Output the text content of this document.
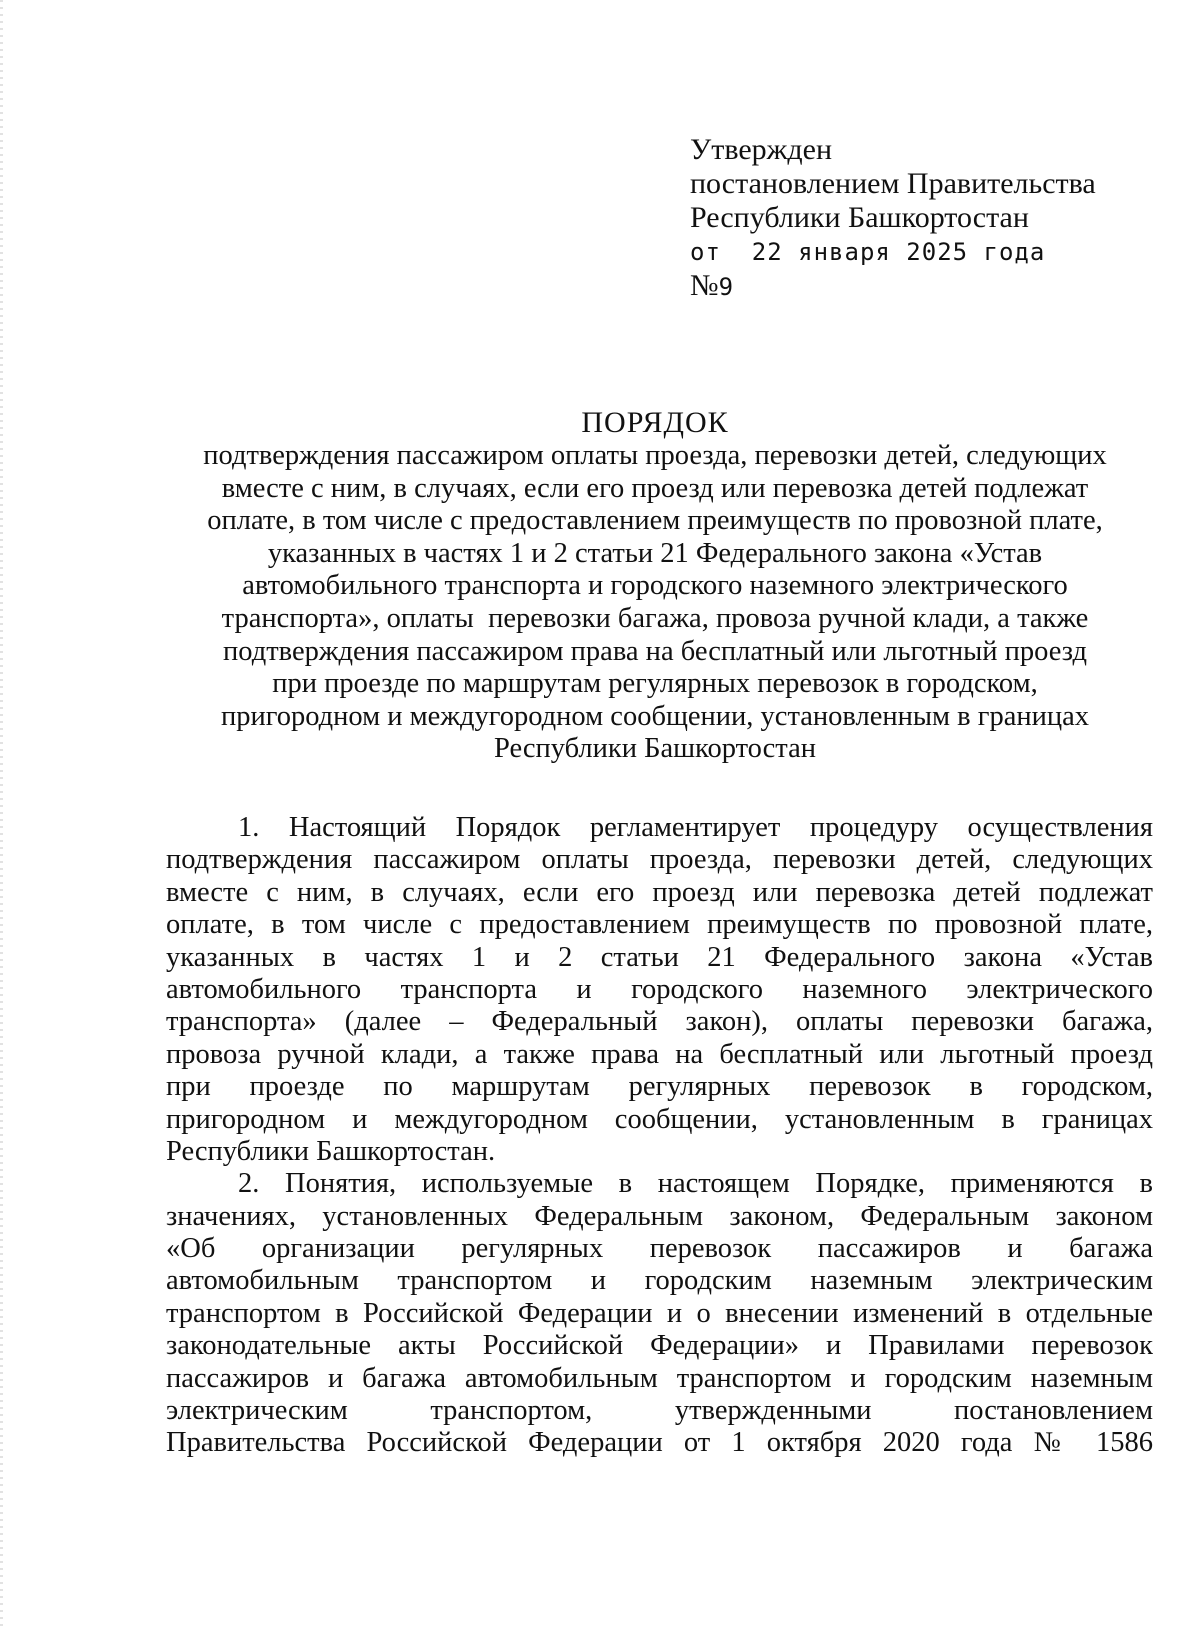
Утвержден
постановлением Правительства
Республики Башкортостан
от  22 января 2025 года
№9
ПОРЯДОК
подтверждения пассажиром оплаты проезда, перевозки детей, следующих
вместе с ним, в случаях, если его проезд или перевозка детей подлежат
оплате, в том числе с предоставлением преимуществ по провозной плате,
указанных в частях 1 и 2 статьи 21 Федерального закона «Устав
автомобильного транспорта и городского наземного электрического
транспорта», оплаты  перевозки багажа, провоза ручной клади, а также
подтверждения пассажиром права на бесплатный или льготный проезд
при проезде по маршрутам регулярных перевозок в городском,
пригородном и междугородном сообщении, установленным в границах
Республики Башкортостан
1. Настоящий Порядок регламентирует процедуру осуществления
подтверждения пассажиром оплаты проезда, перевозки детей, следующих
вместе с ним, в случаях, если его проезд или перевозка детей подлежат
оплате, в том числе с предоставлением преимуществ по провозной плате,
указанных в частях 1 и 2 статьи 21 Федерального закона «Устав
автомобильного транспорта и городского наземного электрического
транспорта» (далее – Федеральный закон), оплаты перевозки багажа,
провоза ручной клади, а также права на бесплатный или льготный проезд
при проезде по маршрутам регулярных перевозок в городском,
пригородном и междугородном сообщении, установленным в границах
Республики Башкортостан.
2. Понятия, используемые в настоящем Порядке, применяются в
значениях, установленных Федеральным законом, Федеральным законом
«Об организации регулярных перевозок пассажиров и багажа
автомобильным транспортом и городским наземным электрическим
транспортом в Российской Федерации и о внесении изменений в отдельные
законодательные акты Российской Федерации» и Правилами перевозок
пассажиров и багажа автомобильным транспортом и городским наземным
электрическим транспортом, утвержденными постановлением
Правительства Российской Федерации от 1 октября 2020 года № 1586
